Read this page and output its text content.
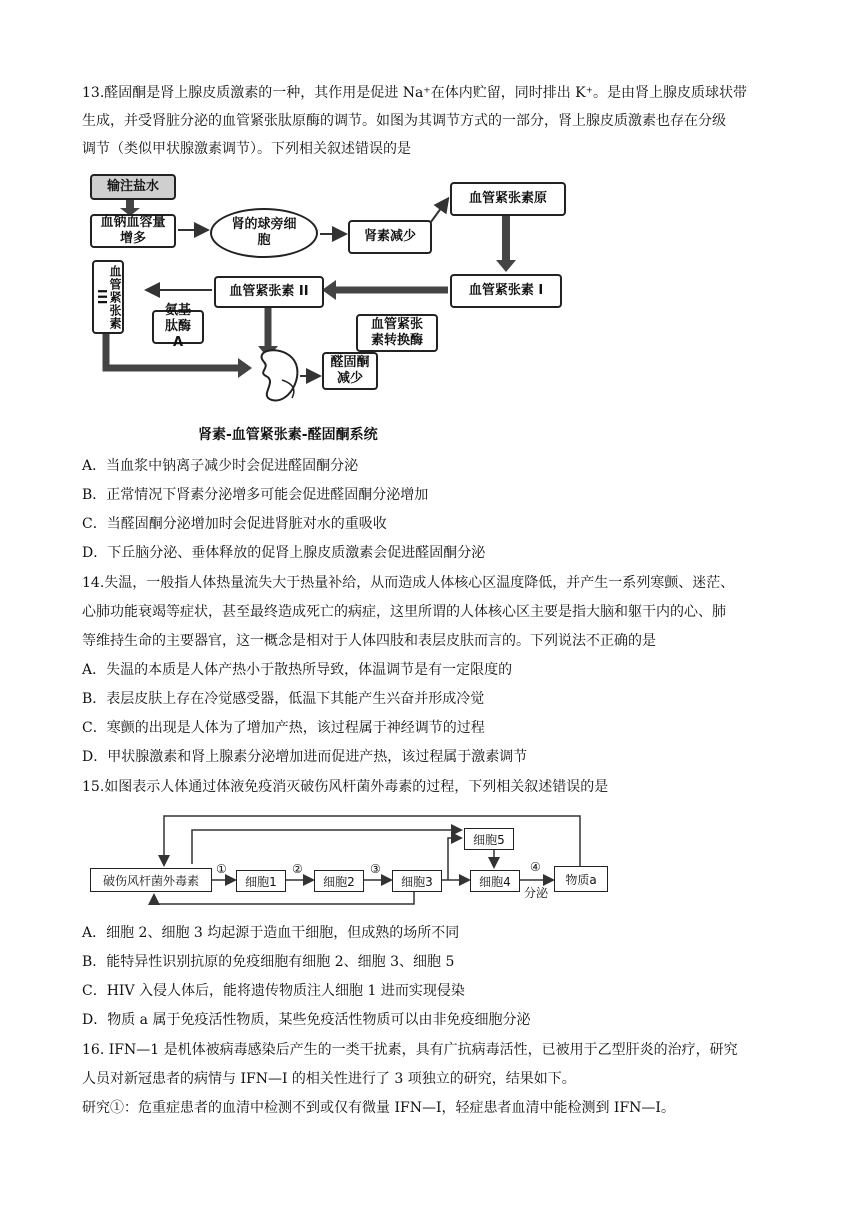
13.醛固酮是肾上腺皮质激素的一种，其作用是促进 Na⁺在体内贮留，同时排出 K⁺。是由肾上腺皮质球状带
生成，并受肾脏分泌的血管紧张肽原酶的调节。如图为其调节方式的一部分，肾上腺皮质激素也存在分级
调节（类似甲状腺激素调节）。下列相关叙述错误的是
输注盐水
血钠血容量增多
肾的球旁细胞	肾素减少
血管紧张素原
血管紧张素 I
血管紧张素 II
血管紧张素转换酶
氨基肽酶A
血管紧张素III
醛固酮减少
肾素-血管紧张素-醛固酮系统
A．当血浆中钠离子减少时会促进醛固酮分泌
B．正常情况下肾素分泌增多可能会促进醛固酮分泌增加
C．当醛固酮分泌增加时会促进肾脏对水的重吸收
D．下丘脑分泌、垂体释放的促肾上腺皮质激素会促进醛固酮分泌
14.失温，一般指人体热量流失大于热量补给，从而造成人体核心区温度降低，并产生一系列寒颤、迷茫、
心肺功能衰竭等症状，甚至最终造成死亡的病症，这里所谓的人体核心区主要是指大脑和躯干内的心、肺
等维持生命的主要器官，这一概念是相对于人体四肢和表层皮肤而言的。下列说法不正确的是
A．失温的本质是人体产热小于散热所导致，体温调节是有一定限度的
B．表层皮肤上存在冷觉感受器，低温下其能产生兴奋并形成冷觉
C．寒颤的出现是人体为了增加产热，该过程属于神经调节的过程
D．甲状腺激素和肾上腺素分泌增加进而促进产热，该过程属于激素调节
15.如图表示人体通过体液免疫消灭破伤风杆菌外毒素的过程，下列相关叙述错误的是
破伤风杆菌外毒素	细胞1	细胞2	细胞3	细胞4
细胞5
物质a
①	②	③	④
分泌
A．细胞 2、细胞 3 均起源于造血干细胞，但成熟的场所不同
B．能特异性识别抗原的免疫细胞有细胞 2、细胞 3、细胞 5
C．HIV 入侵人体后，能将遗传物质注人细胞 1 进而实现侵染
D．物质 a 属于免疫活性物质，某些免疫活性物质可以由非免疫细胞分泌
16. IFN—1 是机体被病毒感染后产生的一类干扰素，具有广抗病毒活性，已被用于乙型肝炎的治疗，研究
人员对新冠患者的病情与 IFN—I 的相关性进行了 3 项独立的研究，结果如下。
研究①：危重症患者的血清中检测不到或仅有微量 IFN—I，轻症患者血清中能检测到 IFN—I。
